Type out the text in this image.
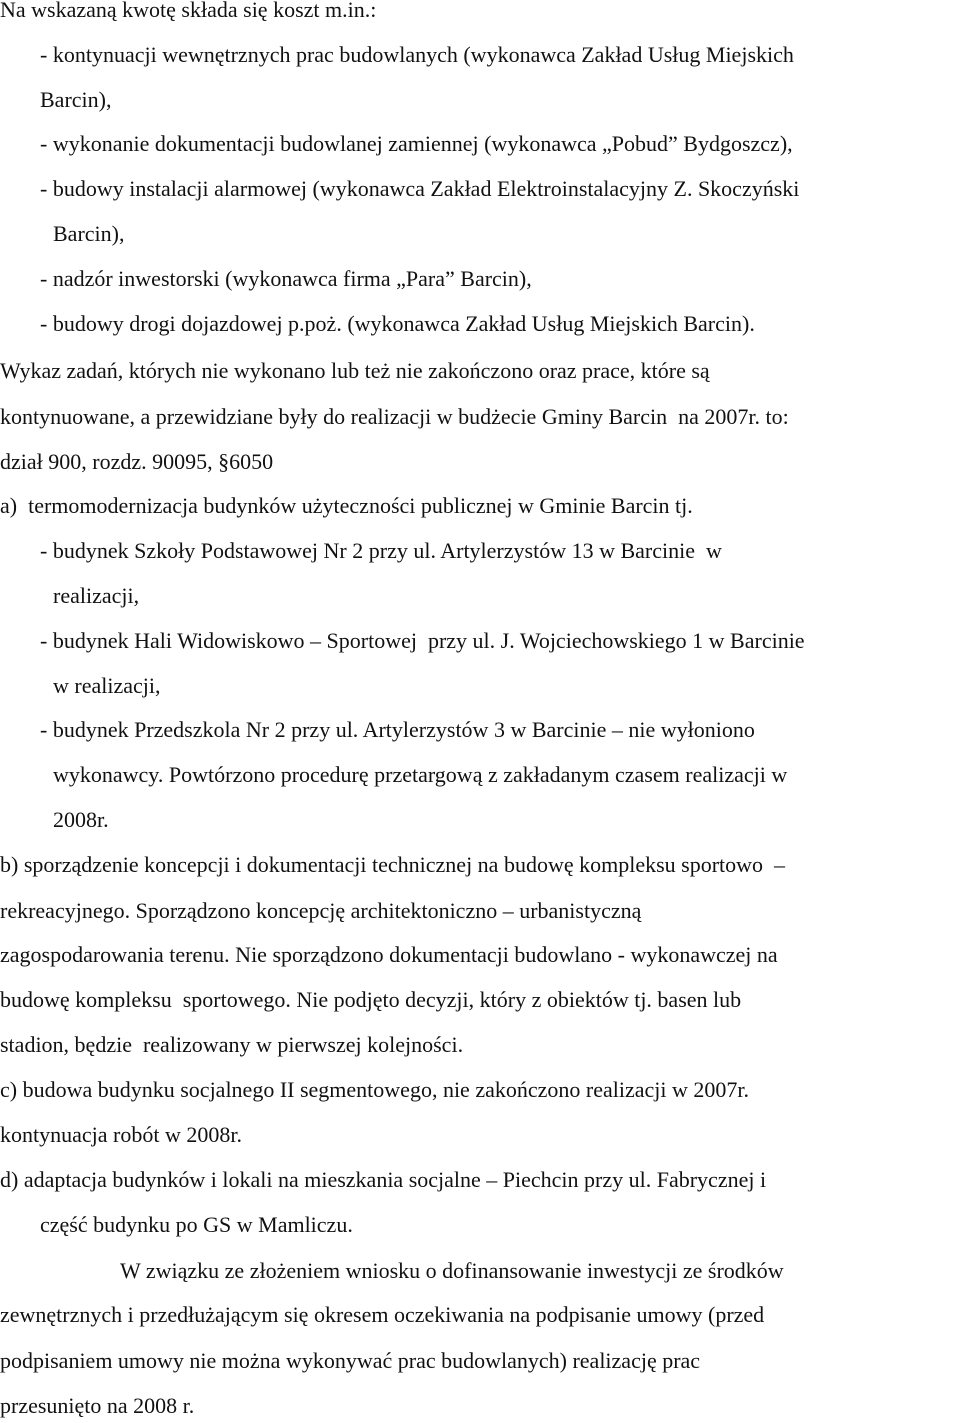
Na wskazaną kwotę składa się koszt m.in.:
- kontynuacji wewnętrznych prac budowlanych (wykonawca Zakład Usług Miejskich
Barcin),
- wykonanie dokumentacji budowlanej zamiennej (wykonawca „Pobud” Bydgoszcz),
- budowy instalacji alarmowej (wykonawca Zakład Elektroinstalacyjny Z. Skoczyński
Barcin),
- nadzór inwestorski (wykonawca firma „Para” Barcin),
- budowy drogi dojazdowej p.poż. (wykonawca Zakład Usług Miejskich Barcin).
Wykaz zadań, których nie wykonano lub też nie zakończono oraz prace, które są
kontynuowane, a przewidziane były do realizacji w budżecie Gminy Barcin  na 2007r. to:
dział 900, rozdz. 90095, §6050
a)  termomodernizacja budynków użyteczności publicznej w Gminie Barcin tj.
- budynek Szkoły Podstawowej Nr 2 przy ul. Artylerzystów 13 w Barcinie  w
realizacji,
- budynek Hali Widowiskowo – Sportowej  przy ul. J. Wojciechowskiego 1 w Barcinie
w realizacji,
- budynek Przedszkola Nr 2 przy ul. Artylerzystów 3 w Barcinie – nie wyłoniono
wykonawcy. Powtórzono procedurę przetargową z zakładanym czasem realizacji w
2008r.
b) sporządzenie koncepcji i dokumentacji technicznej na budowę kompleksu sportowo  –
rekreacyjnego. Sporządzono koncepcję architektoniczno – urbanistyczną
zagospodarowania terenu. Nie sporządzono dokumentacji budowlano - wykonawczej na
budowę kompleksu  sportowego. Nie podjęto decyzji, który z obiektów tj. basen lub
stadion, będzie  realizowany w pierwszej kolejności.
c) budowa budynku socjalnego II segmentowego, nie zakończono realizacji w 2007r.
kontynuacja robót w 2008r.
d) adaptacja budynków i lokali na mieszkania socjalne – Piechcin przy ul. Fabrycznej i
część budynku po GS w Mamliczu.
W związku ze złożeniem wniosku o dofinansowanie inwestycji ze środków
zewnętrznych i przedłużającym się okresem oczekiwania na podpisanie umowy (przed
podpisaniem umowy nie można wykonywać prac budowlanych) realizację prac
przesunięto na 2008 r.
